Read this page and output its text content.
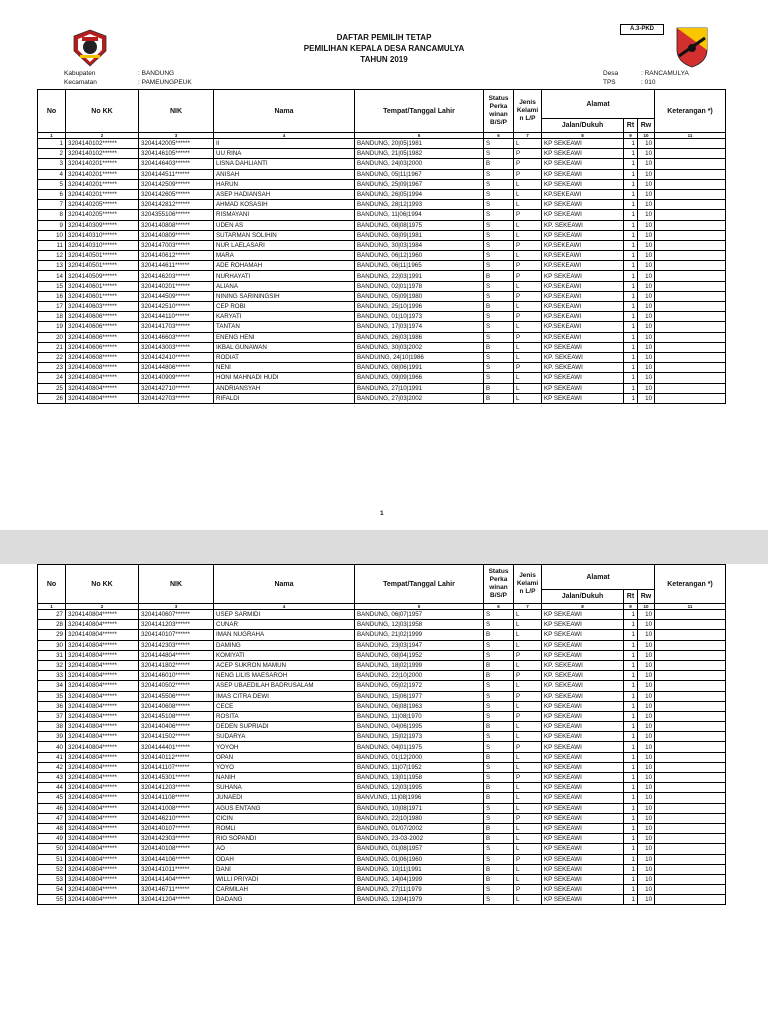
A.3-PKD
DAFTAR PEMILIH TETAP
PEMILIHAN KEPALA DESA RANCAMULYA
TAHUN 2019
Kabupaten	: BANDUNG
Kecamatan	: PAMEUNGPEUK
Desa	: RANCAMULYA
TPS	: 010
No	No KK	NIK	Nama	Tempat/Tanggal Lahir	Status Perka winan B/S/P	Jenis Kelami n L/P	Alamat			Keterangan *)
							Jalan/Dukuh	Rt	Rw	
1	2	3	4	5	6	7	8	9	10	11
1	3204140102******	3204142005******	II	BANDUNG, 20|05|1981	S	L	KP SEKEAWI	1	10	
2	3204140102******	3204146105******	UU RINA	BANDUNG, 21|05|1982	S	P	KP SEKEAWI	1	10	
3	3204140201******	3204146403******	LISNA DAHLIANTI	BANDUNG, 24|03|2000	B	P	KP SEKEAWI	1	10	
4	3204140201******	3204144511******	ANISAH	BANDUNG, 05|11|1967	S	P	KP SEKEAWI	1	10	
5	3204140201******	3204142509******	HARUN	BANDUNG, 25|09|1967	S	L	KP SEKEAWI	1	10	
6	3204140201******	3204142605******	ASEP HADIANSAH	BANDUNG, 26|05|1994	S	L	KP.SEKEAWI	1	10	
7	3204140205******	3204142812******	AHMAD KOSASIH	BANDUNG, 28|12|1993	S	L	KP SEKEAWI	1	10	
8	3204140205******	3204355106******	RISMAYANI	BANDUNG, 11|06|1994	S	P	KP SEKEAWI	1	10	
9	3204140309******	3204140808******	UDEN AS	BANDUNG, 08|08|1975	S	L	KP. SEKEAWI	1	10	
10	3204140310******	3204140809******	SUTARMAN SOLIHIN	BANDUNG, 08|09|1981	S	L	KP SEKEAWI	1	10	
11	3204140310******	3204147003******	NUR LAELASARI	BANDUNG, 30|03|1984	S	P	KP.SEKEAWI	1	10	
12	3204140501******	3204140612******	MARA	BANDUNG, 06|12|1960	S	L	KP.SEKEAWI	1	10	
13	3204140501******	3204144611******	ADE ROHAMAH	BANDUNG, 06|11|1965	S	P	KP.SEKEAWI	1	10	
14	3204140509******	3204146203******	NURHAYATI	BANDUNG, 22|03|1991	B	P	KP SEKEAWI	1	10	
15	3204140601******	3204140201******	ALIANA	BANDUNG, 02|01|1978	S	L	KP.SEKEAWI	1	10	
16	3204140601******	3204144509******	NINING SARININGSIH	BANDUNG, 05|09|1980	S	P	KP.SEKEAWI	1	10	
17	3204140603******	3204142510******	CEP ROBI	BANDUNG, 25|10|1996	B	L	KP.SEKEAWI	1	10	
18	3204140606******	3204144110******	KARYATI	BANDUNG, 01|10|1973	S	P	KP.SEKEAWI	1	10	
19	3204140606******	3204141703******	TANTAN	BANDUNG, 17|03|1974	S	L	KP.SEKEAWI	1	10	
20	3204140606******	3204146603******	ENENG HENI	BANDUNG, 26|03|1986	S	P	KP.SEKEAWI	1	10	
21	3204140606******	3204143003******	IKBAL GUNAWAN	BANDUNG, 30|03|2002	B	L	KP SEKEAWI	1	10	
22	3204140608******	3204142410******	RODIAT	BANDUING, 24|10|1986	S	L	KP. SEKEAWI	1	10	
23	3204140608******	3204144806******	NENI	BANDUNG, 08|06|1991	S	P	KP. SEKEAWI	1	10	
24	3204140804******	3204140909******	HONI MAHNADI HUDI	BANDUNG, 09|09|1966	S	L	KP SEKEAWI	1	10	
25	3204140804******	3204142710******	ANDRIANSYAH	BANDUNG, 27|10|1991	B	L	KP SEKEAWI	1	10	
26	3204140804******	3204142703******	RIFALDI	BANDUNG, 27|03|2002	B	L	KP SEKEAWI	1	10	
1
No	No KK	NIK	Nama	Tempat/Tanggal Lahir	Status Perka winan B/S/P	Jenis Kelami n L/P	Alamat			Keterangan *)
							Jalan/Dukuh	Rt	Rw	
1	2	3	4	5	6	7	8	9	10	11
27	3204140804******	3204140607******	USEP SARMIDI	BANDUNG, 06|07|1957	S	L	KP SEKEAWI	1	10	
28	3204140804******	3204141203******	CUNAR	BANDUNG, 12|03|1958	S	L	KP SEKEAWI	1	10	
29	3204140804******	3204140107******	IMAN NUGRAHA	BANDUNG, 21|02|1999	B	L	KP SEKEAWI	1	10	
30	3204140804******	3204142303******	DAMING	BANDUNG, 23|03|1947	S	L	KP SEKEAWI	1	10	
31	3204140804******	3204144804******	KOMIYATI	BANDUNG, 08|04|1952	S	P	KP SEKEAWI	1	10	
32	3204140804******	3204141802******	ACEP SUKRON MAMUN	BANDUNG, 18|02|1999	B	L	KP. SEKEAWI	1	10	
33	3204140804******	3204146010******	NENG LILIS MAESAROH	BANDUNG, 22|10|2000	B	P	KP. SEKEAWI	1	10	
34	3204140804******	3204140502******	ASEP UBAEDILAH BADRUSALAM	BANDUNG, 05|02|1972	S	L	KP. SEKEAWI	1	10	
35	3204140804******	3204145506******	IMAS CITRA DEWI	BANDUNG, 15|06|1977	S	P	KP. SEKEAWI	1	10	
36	3204140804******	3204140608******	CECE	BANDUNG, 06|08|1963	S	L	KP SEKEAWI	1	10	
37	3204140804******	3204145108******	ROSITA	BANDUNG, 11|08|1970	S	P	KP SEKEAWI	1	10	
38	3204140804******	3204140406******	DEDEN SUPRIADI	BANDUNG, 04|06|1995	B	L	KP SEKEAWI	1	10	
39	3204140804******	3204141502******	SUDARYA	BANDUNG, 15|02|1973	S	L	KP SEKEAWI	1	10	
40	3204140804******	3204144401******	YOYOH	BANDUNG, 04|01|1975	S	P	KP SEKEAWI	1	10	
41	3204140804******	3204140112******	OPAN	BANDUNG, 01|12|2000	B	L	KP SEKEAWI	1	10	
42	3204140804******	3204141107******	YOYO	BANDUNG, 11|07|1952	S	L	KP SEKEAWI	1	10	
43	3204140804******	3204145301******	NANIH	BANDUNG, 13|01|1958	S	P	KP SEKEAWI	1	10	
44	3204140804******	3204141203******	SUHANA	BANDUNG, 12|03|1995	B	L	KP SEKEAWI	1	10	
45	3204140804******	3204141108******	JUNAEDI	BANVUNG, 11|08|1996	B	L	KP SEKEAWI	1	10	
46	3204140804******	3204141008******	AGUS ENTANG	BANDUNG, 10|08|1971	S	L	KP SEKEAWI	1	10	
47	3204140804******	3204146210******	CICIN	BANDUNG, 22|10|1980	S	P	KP SEKEAWI	1	10	
48	3204140804******	3204140107******	ROMLI	BANDUNG, 01/07/2002	B	L	KP SEKEAWI	1	10	
49	3204140804******	3204142303******	RIO SOPANDI	BANDUNG, 23-03-2002	B	L	KP SEKEAWI	1	10	
50	3204140804******	3204140108******	AO	BANDUNG, 01|08|1957	S	L	KP SEKEAWI	1	10	
51	3204140804******	3204144106******	ODAH	BANDUNG, 01|06|1960	S	P	KP SEKEAWI	1	10	
52	3204140804******	3204141011******	DANI	BANDUNG, 10|11|1991	B	L	KP SEKEAWI	1	10	
53	3204140804******	3204141404******	WILLI PRIYADI	BANDUNG, 14|04|1999	B	L	KP SEKEAWI	1	10	
54	3204140804******	3204146711******	CARMILAH	BANDUNG, 27|11|1979	S	P	KP SEKEAWI	1	10	
55	3204140804******	3204141204******	DADANG	BANDUNG, 12|04|1979	S	L	KP SEKEAWI	1	10	
